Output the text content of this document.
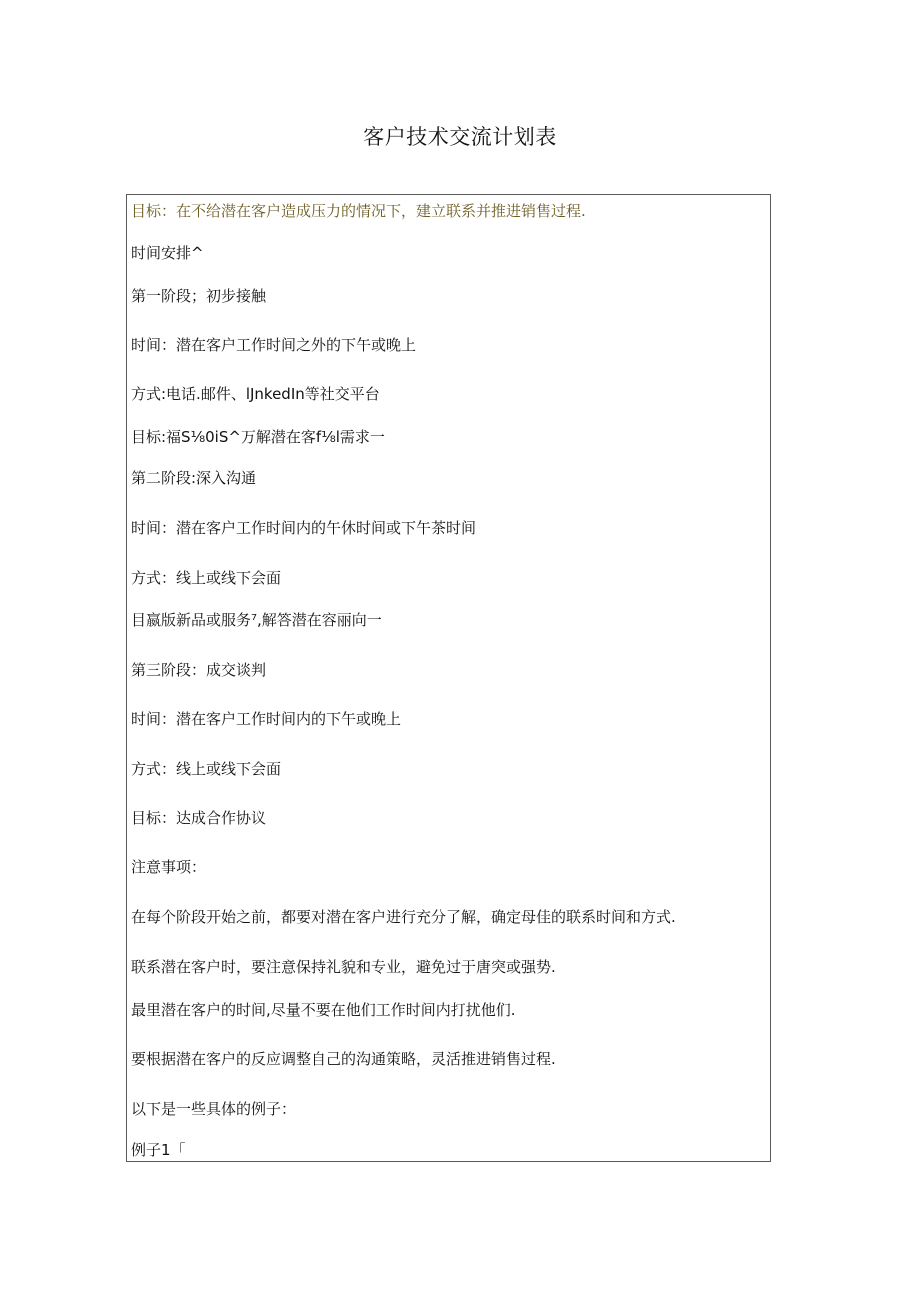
客户技术交流计划表

目标：在不给潜在客户造成压力的情况下，建立联系并推进销售过程.

时间安排^

第一阶段；初步接触

时间：潜在客户工作时间之外的下午或晚上

方式:电话.邮件、lJnkedIn等社交平台

目标:福S⅛0iS^万解潜在客f⅛l需求一

第二阶段:深入沟通

时间：潜在客户工作时间内的午休时间或下午茶时间

方式：线上或线下会面

目嬴版新品或服务⁷,解答潜在容丽向一

第三阶段：成交谈判

时间：潜在客户工作时间内的下午或晚上

方式：线上或线下会面

目标：达成合作协议

注意事项：

在每个阶段开始之前，都要对潜在客户进行充分了解，确定母佳的联系时间和方式.

联系潜在客户时，要注意保持礼貌和专业，避免过于唐突或强势.

最里潜在客户的时间,尽量不要在他们工作时间内打扰他们.

要根据潜在客户的反应调整自己的沟通策略，灵活推进销售过程.

以下是一些具体的例子：

例子1「
